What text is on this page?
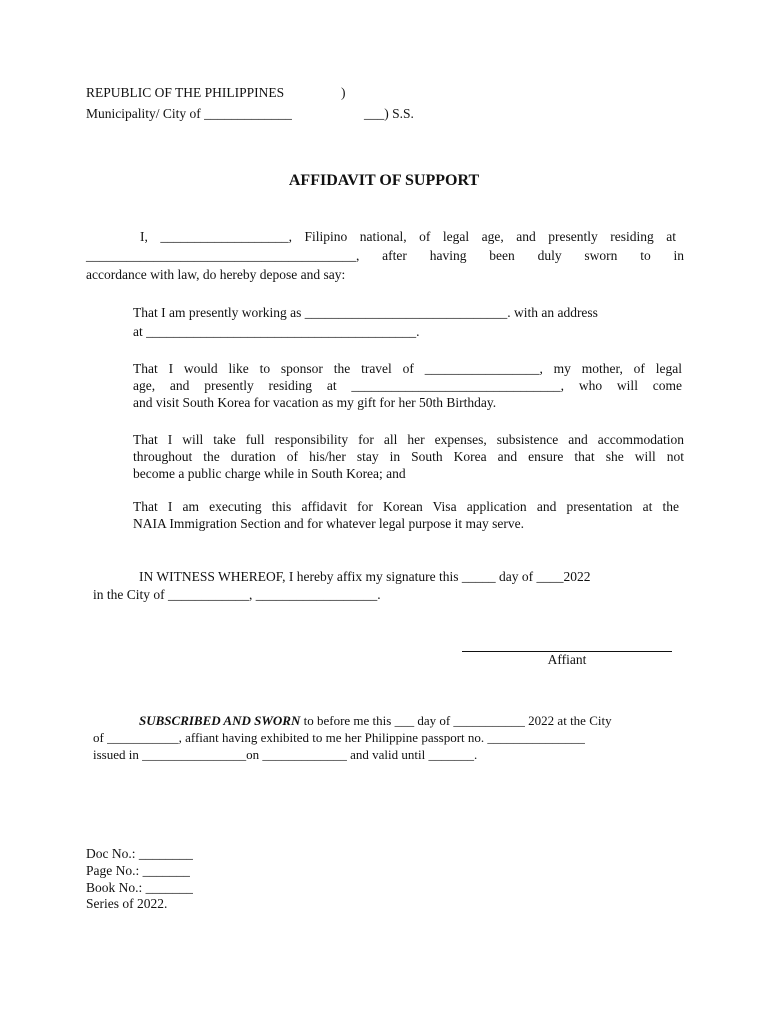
REPUBLIC OF THE PHILIPPINES	)
Municipality/ City of _____________	___) S.S.
AFFIDAVIT OF SUPPORT
I, ___________________, Filipino national, of legal age, and presently residing at
________________________________________, after having been duly sworn to in
accordance with law, do hereby depose and say:
That I am presently working as ______________________________. with an address
at ________________________________________.
That I would like to sponsor the travel of _________________, my mother, of legal
age, and presently residing at _______________________________, who will come
and visit South Korea for vacation as my gift for her 50th Birthday.
That I will take full responsibility for all her expenses, subsistence and accommodation
throughout the duration of his/her stay in South Korea and ensure that she will not
become a public charge while in South Korea; and
That I am executing this affidavit for Korean Visa application and presentation at the
NAIA Immigration Section and for whatever legal purpose it may serve.
IN WITNESS WHEREOF, I hereby affix my signature this _____ day of ____2022
in the City of ____________, __________________.
Affiant
SUBSCRIBED AND SWORN to before me this ___ day of ___________ 2022 at the City
of ___________, affiant having exhibited to me her Philippine passport no. _______________
issued in ________________on _____________ and valid until _______.
Doc No.: ________
Page No.: _______
Book No.: _______
Series of 2022.
